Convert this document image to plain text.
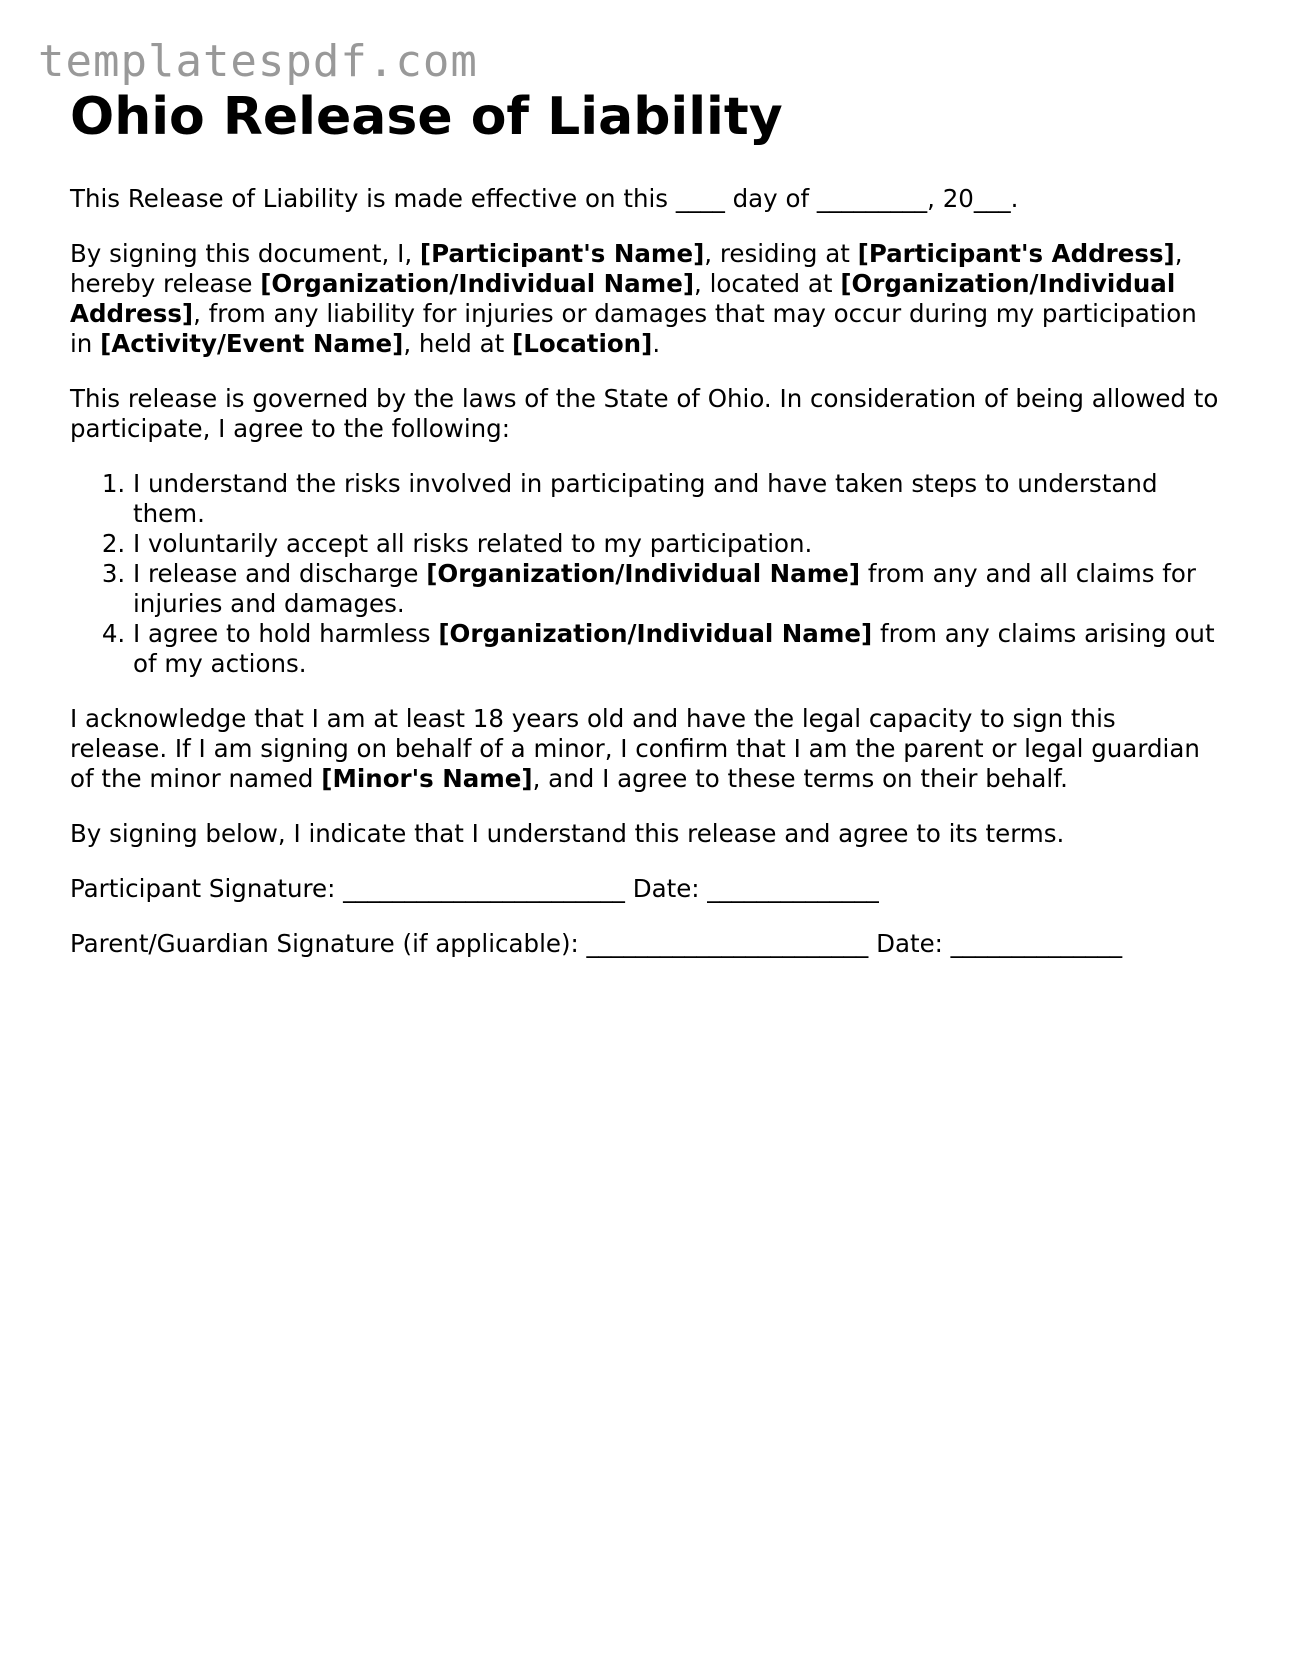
templatespdf.com
Ohio Release of Liability

This Release of Liability is made effective on this ____ day of _________, 20___.

By signing this document, I, [Participant's Name], residing at [Participant's Address], hereby release [Organization/Individual Name], located at [Organization/Individual Address], from any liability for injuries or damages that may occur during my participation in [Activity/Event Name], held at [Location].

This release is governed by the laws of the State of Ohio. In consideration of being allowed to participate, I agree to the following:

1. I understand the risks involved in participating and have taken steps to understand them.
2. I voluntarily accept all risks related to my participation.
3. I release and discharge [Organization/Individual Name] from any and all claims for injuries and damages.
4. I agree to hold harmless [Organization/Individual Name] from any claims arising out of my actions.

I acknowledge that I am at least 18 years old and have the legal capacity to sign this release. If I am signing on behalf of a minor, I confirm that I am the parent or legal guardian of the minor named [Minor's Name], and I agree to these terms on their behalf.

By signing below, I indicate that I understand this release and agree to its terms.

Participant Signature: _______________________ Date: ______________

Parent/Guardian Signature (if applicable): _______________________ Date: ______________
